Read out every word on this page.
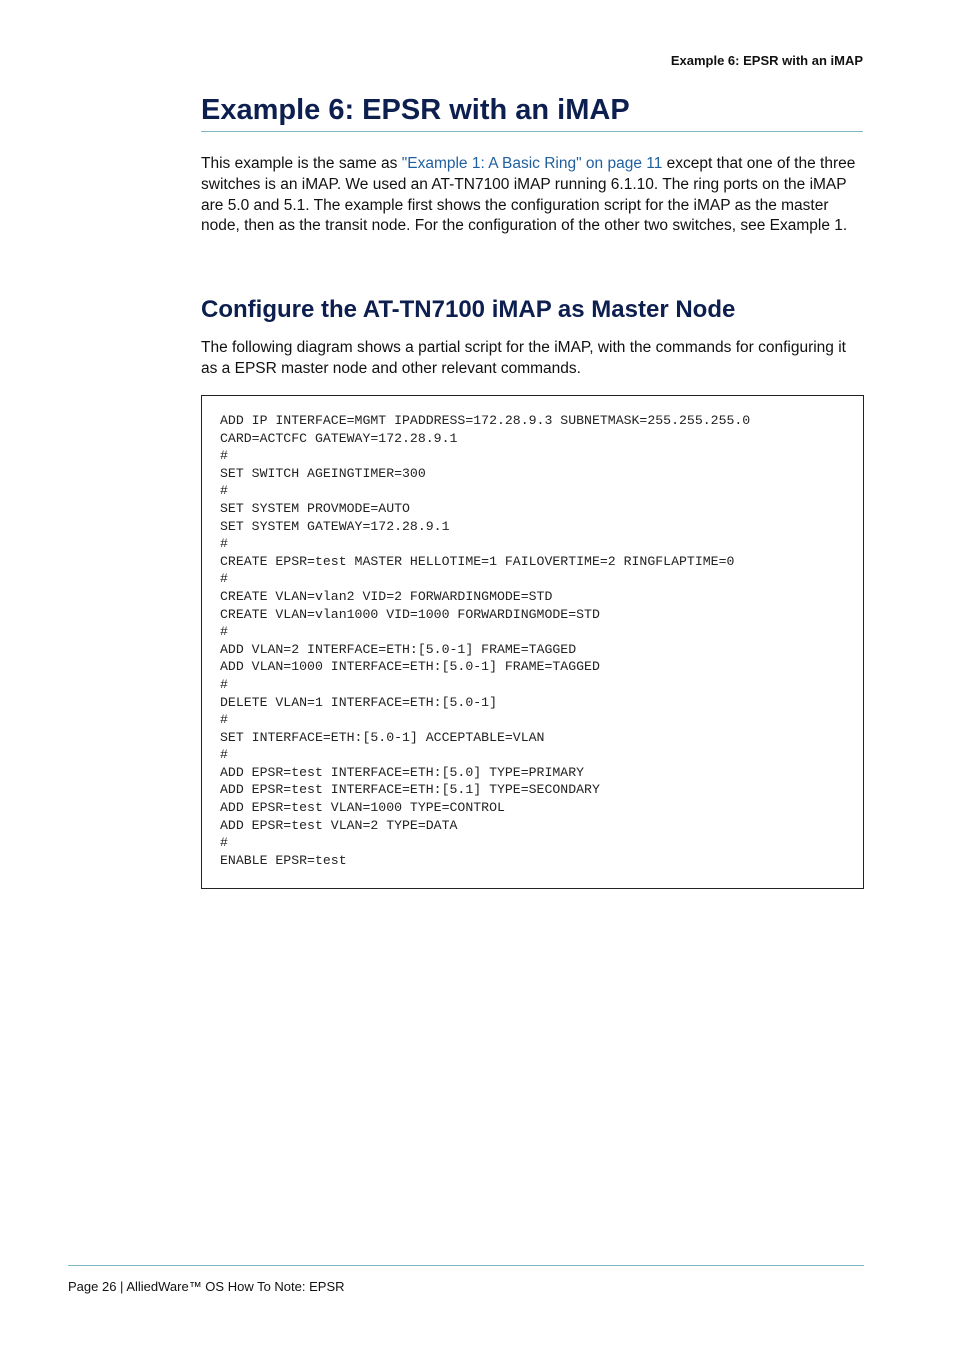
Example 6: EPSR with an iMAP
Example 6: EPSR with an iMAP

This example is the same as "Example 1: A Basic Ring" on page 11 except that one of the three switches is an iMAP. We used an AT-TN7100 iMAP running 6.1.10. The ring ports on the iMAP are 5.0 and 5.1. The example first shows the configuration script for the iMAP as the master node, then as the transit node. For the configuration of the other two switches, see Example 1.

Configure the AT-TN7100 iMAP as Master Node

The following diagram shows a partial script for the iMAP, with the commands for configuring it as a EPSR master node and other relevant commands.

ADD IP INTERFACE=MGMT IPADDRESS=172.28.9.3 SUBNETMASK=255.255.255.0
CARD=ACTCFC GATEWAY=172.28.9.1
#
SET SWITCH AGEINGTIMER=300
#
SET SYSTEM PROVMODE=AUTO
SET SYSTEM GATEWAY=172.28.9.1
#
CREATE EPSR=test MASTER HELLOTIME=1 FAILOVERTIME=2 RINGFLAPTIME=0
#
CREATE VLAN=vlan2 VID=2 FORWARDINGMODE=STD
CREATE VLAN=vlan1000 VID=1000 FORWARDINGMODE=STD
#
ADD VLAN=2 INTERFACE=ETH:[5.0-1] FRAME=TAGGED
ADD VLAN=1000 INTERFACE=ETH:[5.0-1] FRAME=TAGGED
#
DELETE VLAN=1 INTERFACE=ETH:[5.0-1]
#
SET INTERFACE=ETH:[5.0-1] ACCEPTABLE=VLAN
#
ADD EPSR=test INTERFACE=ETH:[5.0] TYPE=PRIMARY
ADD EPSR=test INTERFACE=ETH:[5.1] TYPE=SECONDARY
ADD EPSR=test VLAN=1000 TYPE=CONTROL
ADD EPSR=test VLAN=2 TYPE=DATA
#
ENABLE EPSR=test
Page 26 | AlliedWare™ OS How To Note: EPSR
